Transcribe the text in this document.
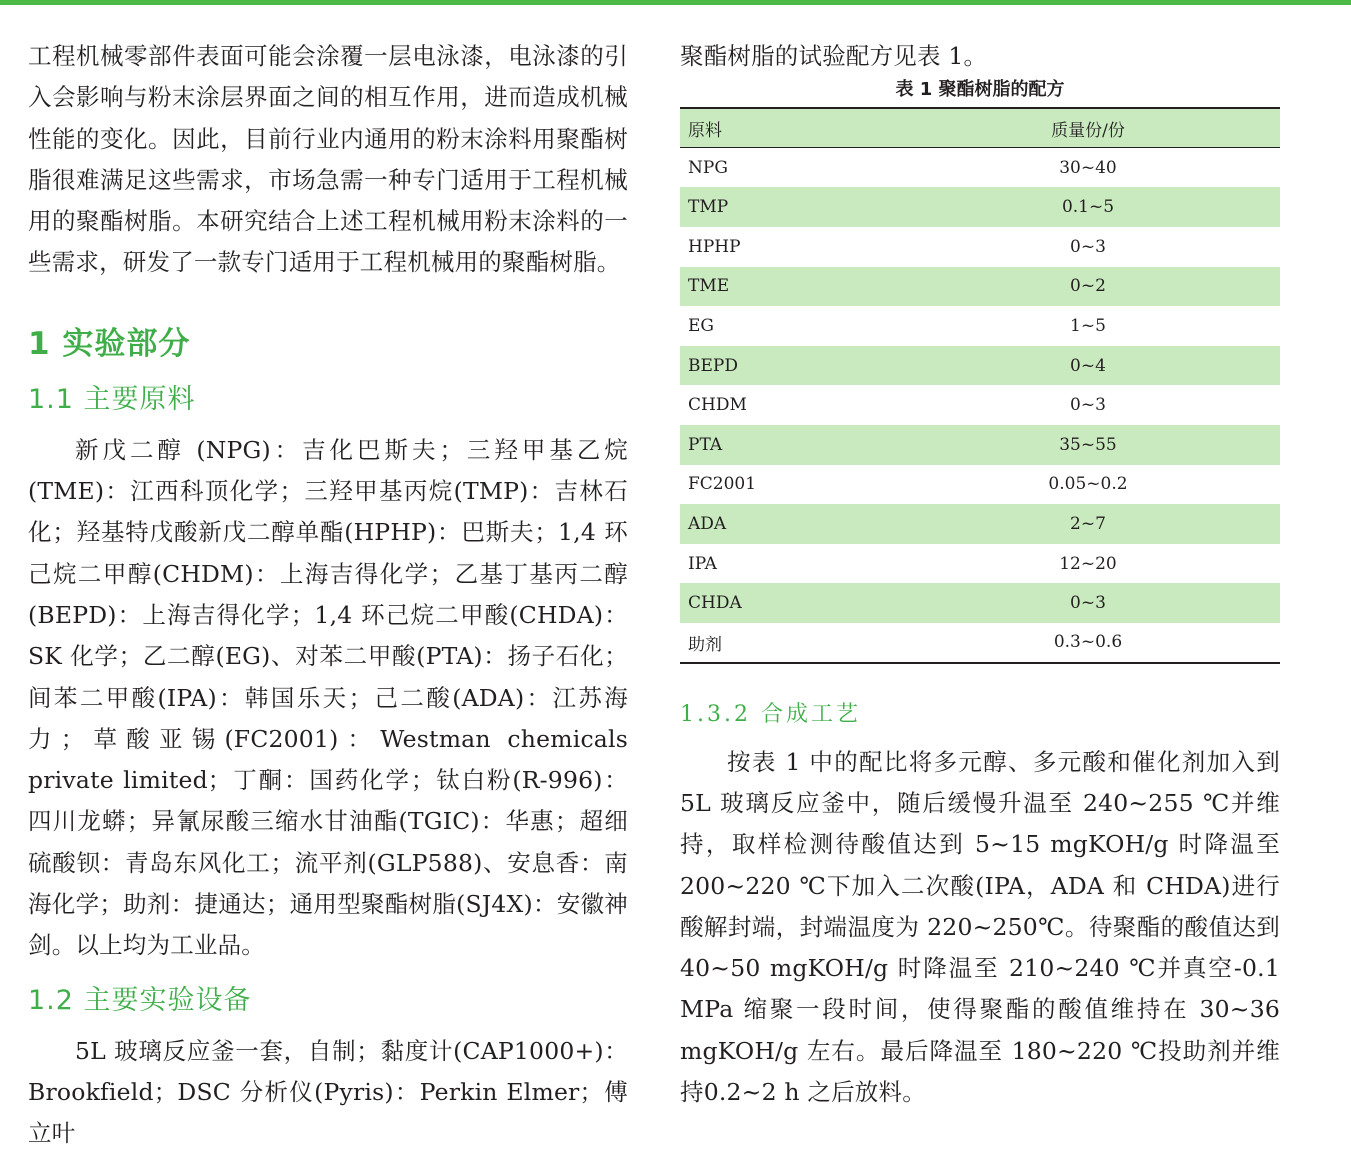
工程机械零部件表面可能会涂覆一层电泳漆，电泳漆的引入会影响与粉末涂层界面之间的相互作用，进而造成机械性能的变化。因此，目前行业内通用的粉末涂料用聚酯树脂很难满足这些需求，市场急需一种专门适用于工程机械用的聚酯树脂。本研究结合上述工程机械用粉末涂料的一些需求，研发了一款专门适用于工程机械用的聚酯树脂。

1 实验部分
1.1 主要原料

新戊二醇 (NPG)：吉化巴斯夫；三羟甲基乙烷(TME)：江西科顶化学；三羟甲基丙烷(TMP)：吉林石化；羟基特戊酸新戊二醇单酯(HPHP)：巴斯夫；1,4 环己烷二甲醇(CHDM)：上海吉得化学；乙基丁基丙二醇(BEPD)：上海吉得化学；1,4 环己烷二甲酸(CHDA)：SK 化学；乙二醇(EG)、对苯二甲酸(PTA)：扬子石化；间苯二甲酸(IPA)：韩国乐天；己二酸(ADA)：江苏海力；草酸亚锡(FC2001)：Westman chemicals private limited；丁酮：国药化学；钛白粉(R-996)：四川龙蟒；异氰尿酸三缩水甘油酯(TGIC)：华惠；超细硫酸钡：青岛东风化工；流平剂(GLP588)、安息香：南海化学；助剂：捷通达；通用型聚酯树脂(SJ4X)：安徽神剑。以上均为工业品。

1.2 主要实验设备

5L 玻璃反应釜一套，自制；黏度计(CAP1000+)：Brookfield；DSC 分析仪(Pyris)：Perkin Elmer；傅立叶

聚酯树脂的试验配方见表 1。

表 1 聚酯树脂的配方
原料	质量份/份
NPG	30~40
TMP	0.1~5
HPHP	0~3
TME	0~2
EG	1~5
BEPD	0~4
CHDM	0~3
PTA	35~55
FC2001	0.05~0.2
ADA	2~7
IPA	12~20
CHDA	0~3
助剂	0.3~0.6
1.3.2 合成工艺

按表 1 中的配比将多元醇、多元酸和催化剂加入到 5L 玻璃反应釜中，随后缓慢升温至 240~255 ℃并维持，取样检测待酸值达到 5~15 mgKOH/g 时降温至200~220 ℃下加入二次酸(IPA，ADA 和 CHDA)进行酸解封端，封端温度为 220~250℃。待聚酯的酸值达到40~50 mgKOH/g 时降温至 210~240 ℃并真空-0.1 MPa 缩聚一段时间，使得聚酯的酸值维持在 30~36 mgKOH/g 左右。最后降温至 180~220 ℃投助剂并维持0.2~2 h 之后放料。
